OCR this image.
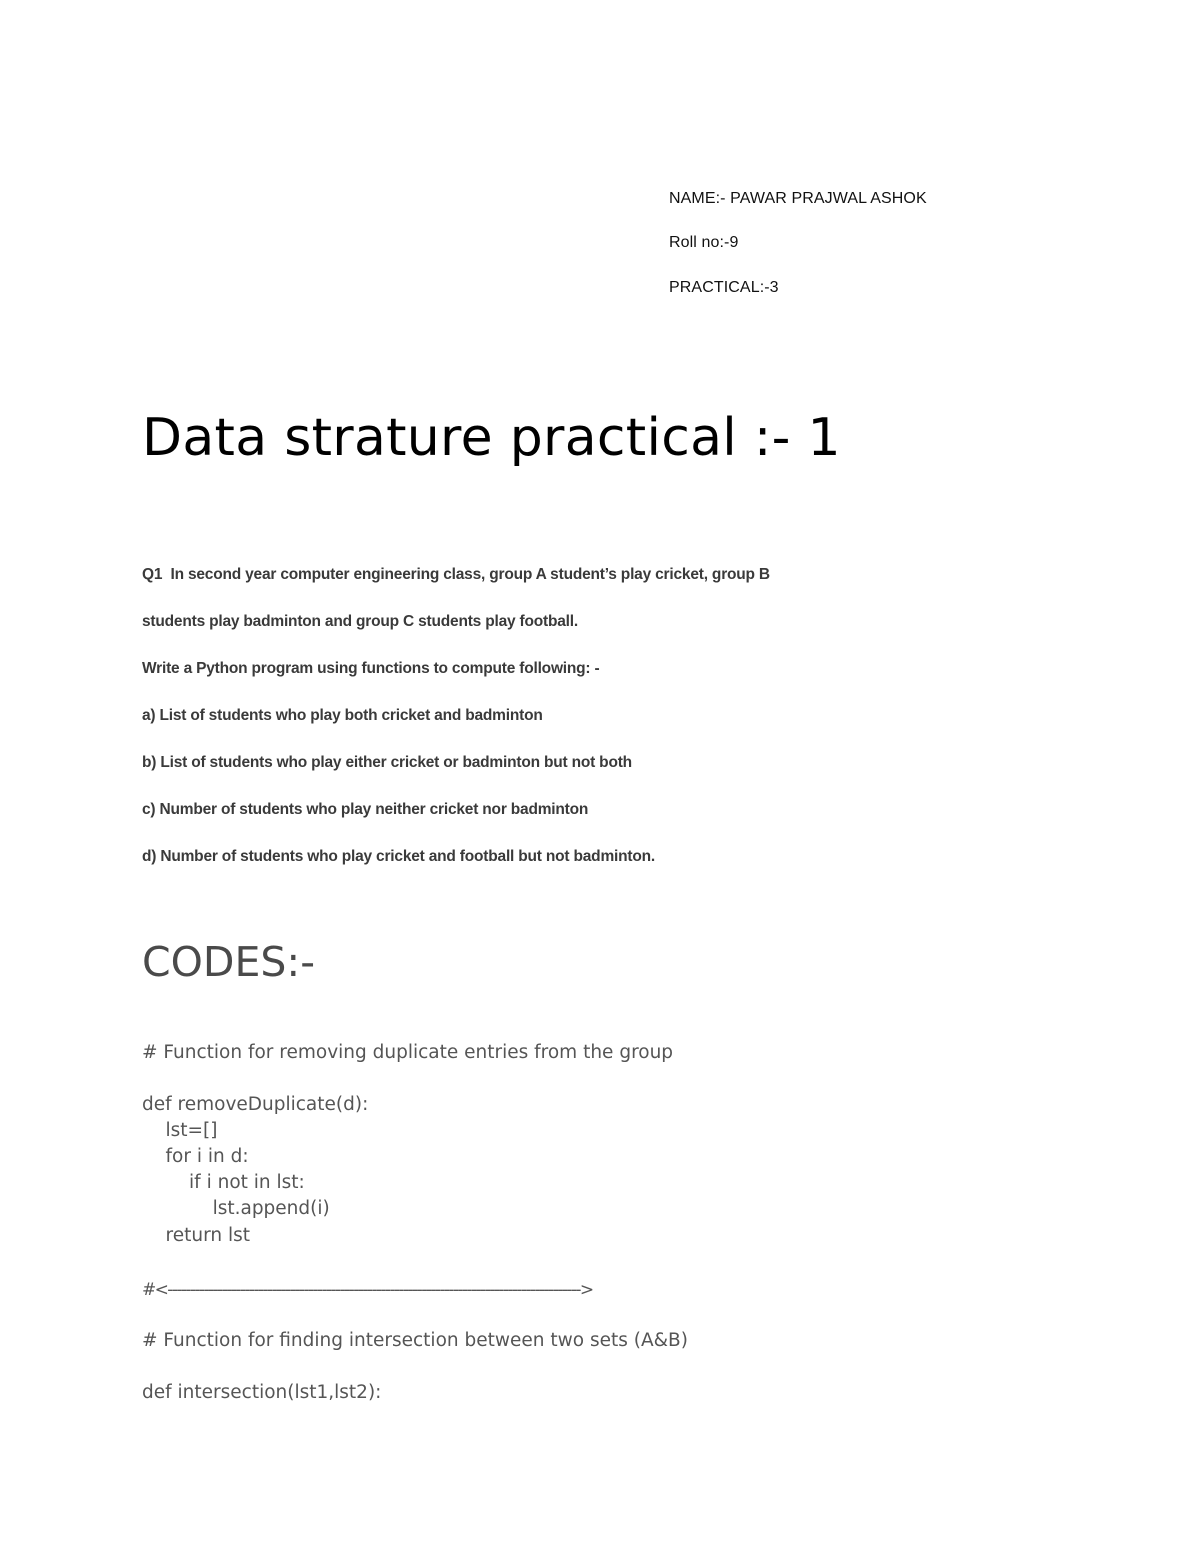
NAME:- PAWAR PRAJWAL ASHOK
Roll no:-9
PRACTICAL:-3
Data strature practical :- 1
Q1  In second year computer engineering class, group A student’s play cricket, group B
students play badminton and group C students play football.
Write a Python program using functions to compute following: -
a) List of students who play both cricket and badminton
b) List of students who play either cricket or badminton but not both
c) Number of students who play neither cricket nor badminton
d) Number of students who play cricket and football but not badminton.
CODES:-
# Function for removing duplicate entries from the group
def removeDuplicate(d):
lst=[]
for i in d:
if i not in lst:
lst.append(i)
return lst
#<------------------------------------------------------------------------------------------->
# Function for finding intersection between two sets (A&B)
def intersection(lst1,lst2):
